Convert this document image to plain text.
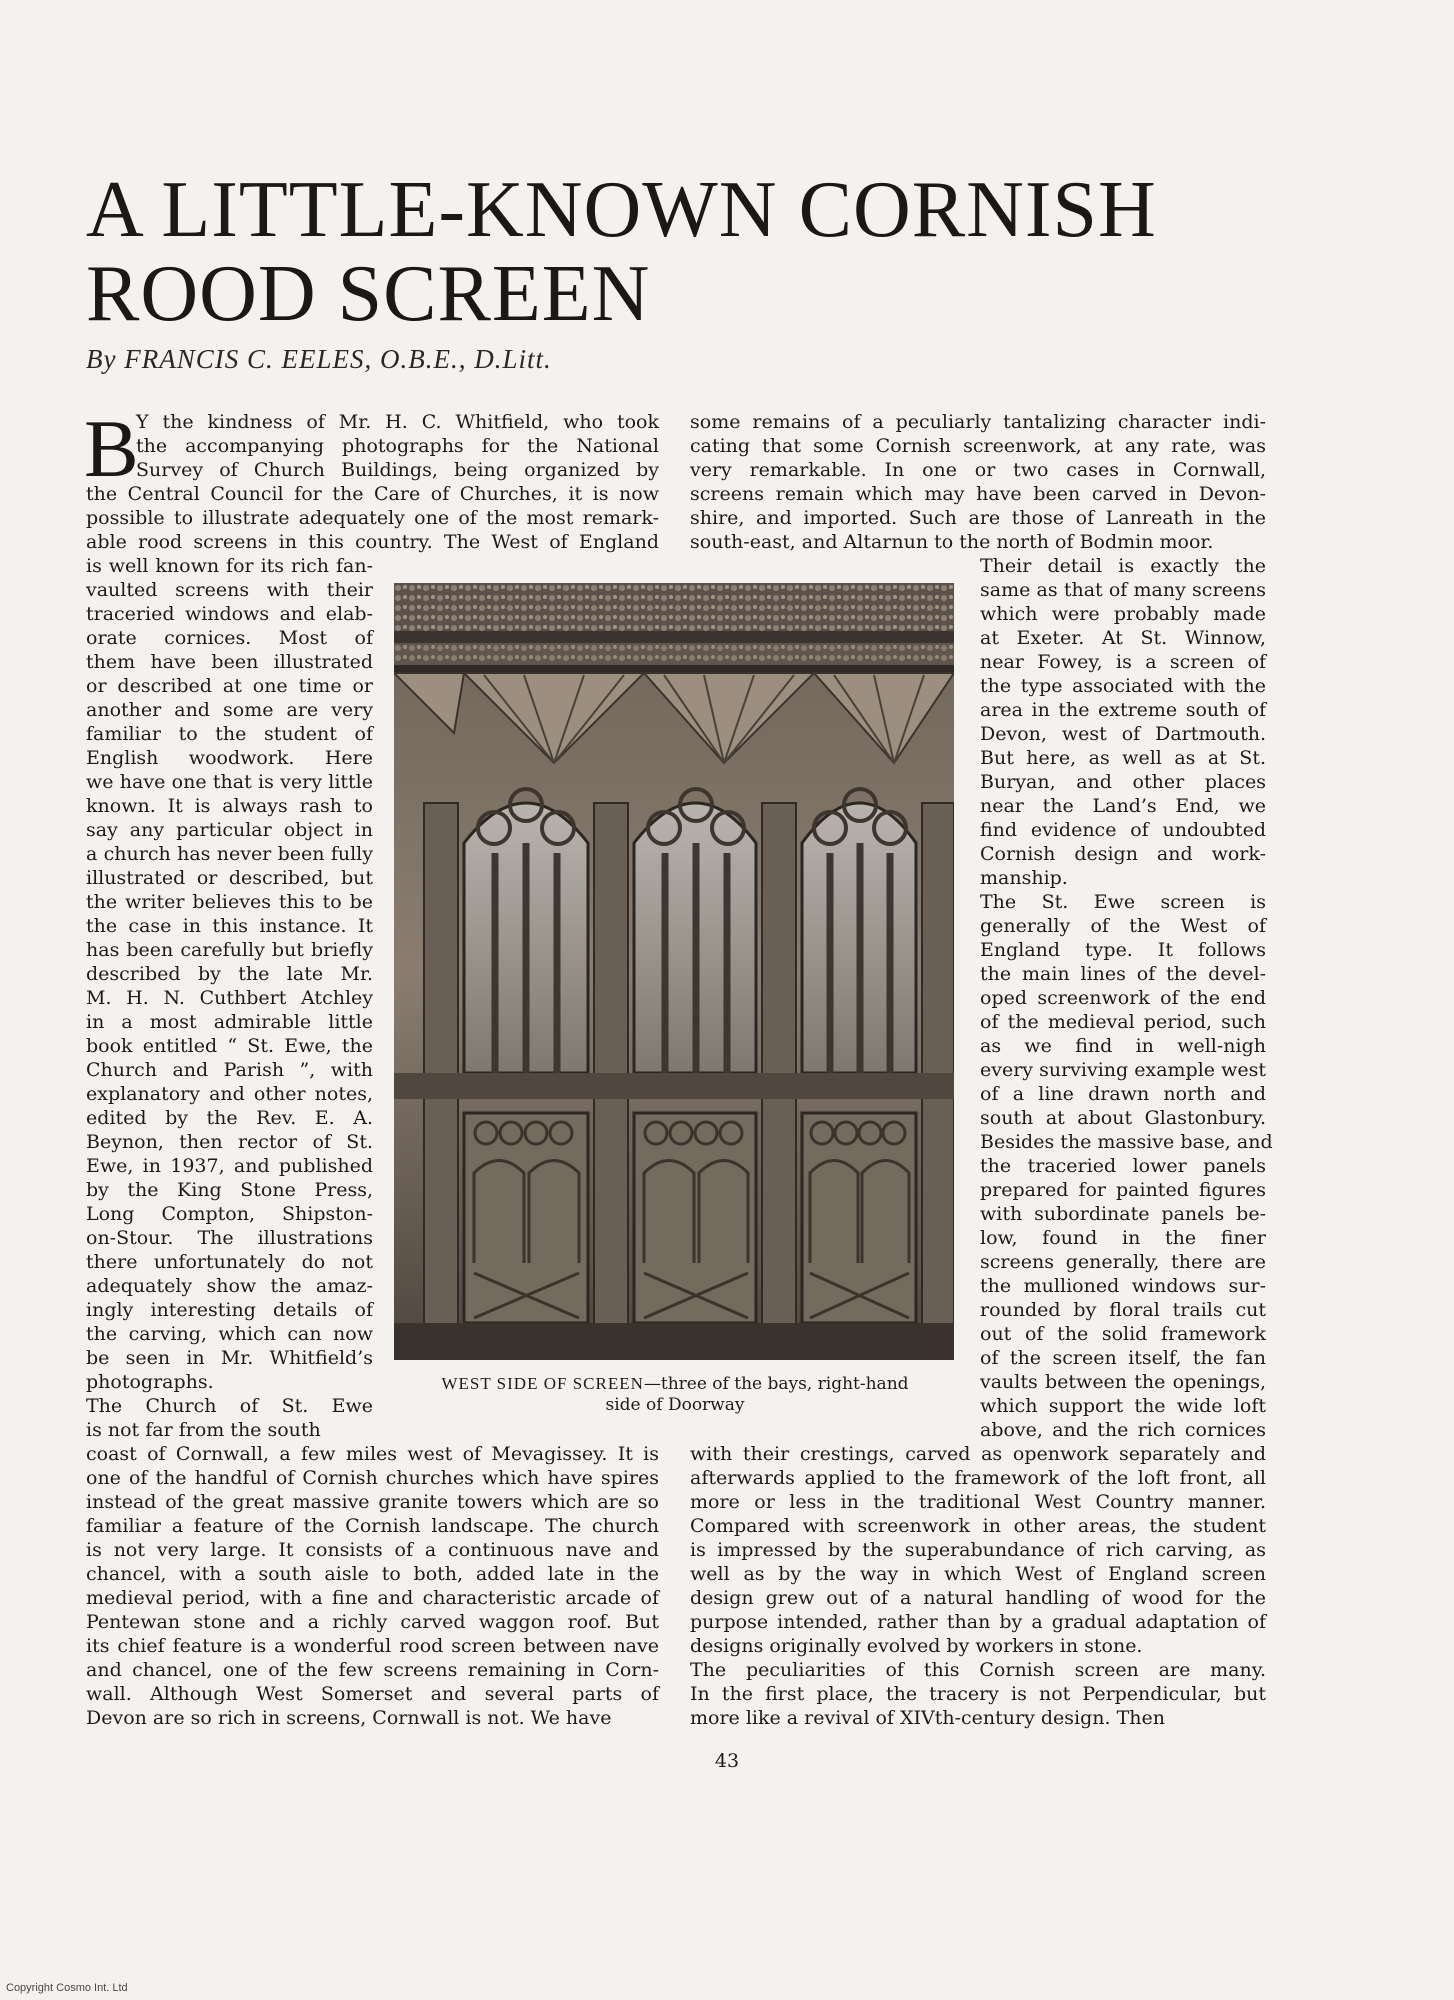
A LITTLE-KNOWN CORNISH
ROOD SCREEN
By FRANCIS C. EELES, O.B.E., D.Litt.
B
Y the kindness of Mr. H. C. Whitfield, who took
the accompanying photographs for the National
Survey of Church Buildings, being organized by
the Central Council for the Care of Churches, it is now
possible to illustrate adequately one of the most remark-
able rood screens in this country. The West of England
is well known for its rich fan-
vaulted screens with their
traceried windows and elab-
orate cornices. Most of
them have been illustrated
or described at one time or
another and some are very
familiar to the student of
English woodwork. Here
we have one that is very little
known. It is always rash to
say any particular object in
a church has never been fully
illustrated or described, but
the writer believes this to be
the case in this instance. It
has been carefully but briefly
described by the late Mr.
M. H. N. Cuthbert Atchley
in a most admirable little
book entitled “ St. Ewe, the
Church and Parish ”, with
explanatory and other notes,
edited by the Rev. E. A.
Beynon, then rector of St.
Ewe, in 1937, and published
by the King Stone Press,
Long Compton, Shipston-
on-Stour. The illustrations
there unfortunately do not
adequately show the amaz-
ingly interesting details of
the carving, which can now
be seen in Mr. Whitfield’s
photographs.
The Church of St. Ewe
is not far from the south
coast of Cornwall, a few miles west of Mevagissey. It is
one of the handful of Cornish churches which have spires
instead of the great massive granite towers which are so
familiar a feature of the Cornish landscape. The church
is not very large. It consists of a continuous nave and
chancel, with a south aisle to both, added late in the
medieval period, with a fine and characteristic arcade of
Pentewan stone and a richly carved waggon roof. But
its chief feature is a wonderful rood screen between nave
and chancel, one of the few screens remaining in Corn-
wall. Although West Somerset and several parts of
Devon are so rich in screens, Cornwall is not. We have
some remains of a peculiarly tantalizing character indi-
cating that some Cornish screenwork, at any rate, was
very remarkable. In one or two cases in Cornwall,
screens remain which may have been carved in Devon-
shire, and imported. Such are those of Lanreath in the
south-east, and Altarnun to the north of Bodmin moor.
Their detail is exactly the
same as that of many screens
which were probably made
at Exeter. At St. Winnow,
near Fowey, is a screen of
the type associated with the
area in the extreme south of
Devon, west of Dartmouth.
But here, as well as at St.
Buryan, and other places
near the Land’s End, we
find evidence of undoubted
Cornish design and work-
manship.
The St. Ewe screen is
generally of the West of
England type. It follows
the main lines of the devel-
oped screenwork of the end
of the medieval period, such
as we find in well-nigh
every surviving example west
of a line drawn north and
south at about Glastonbury.
Besides the massive base, and
the traceried lower panels
prepared for painted figures
with subordinate panels be-
low, found in the finer
screens generally, there are
the mullioned windows sur-
rounded by floral trails cut
out of the solid framework
of the screen itself, the fan
vaults between the openings,
which support the wide loft
above, and the rich cornices
with their crestings, carved as openwork separately and
afterwards applied to the framework of the loft front, all
more or less in the traditional West Country manner.
Compared with screenwork in other areas, the student
is impressed by the superabundance of rich carving, as
well as by the way in which West of England screen
design grew out of a natural handling of wood for the
purpose intended, rather than by a gradual adaptation of
designs originally evolved by workers in stone.
The peculiarities of this Cornish screen are many.
In the first place, the tracery is not Perpendicular, but
more like a revival of XIVth-century design. Then
WEST SIDE OF SCREEN—three of the bays, right-hand
side of Doorway
43
Copyright Cosmo Int. Ltd
